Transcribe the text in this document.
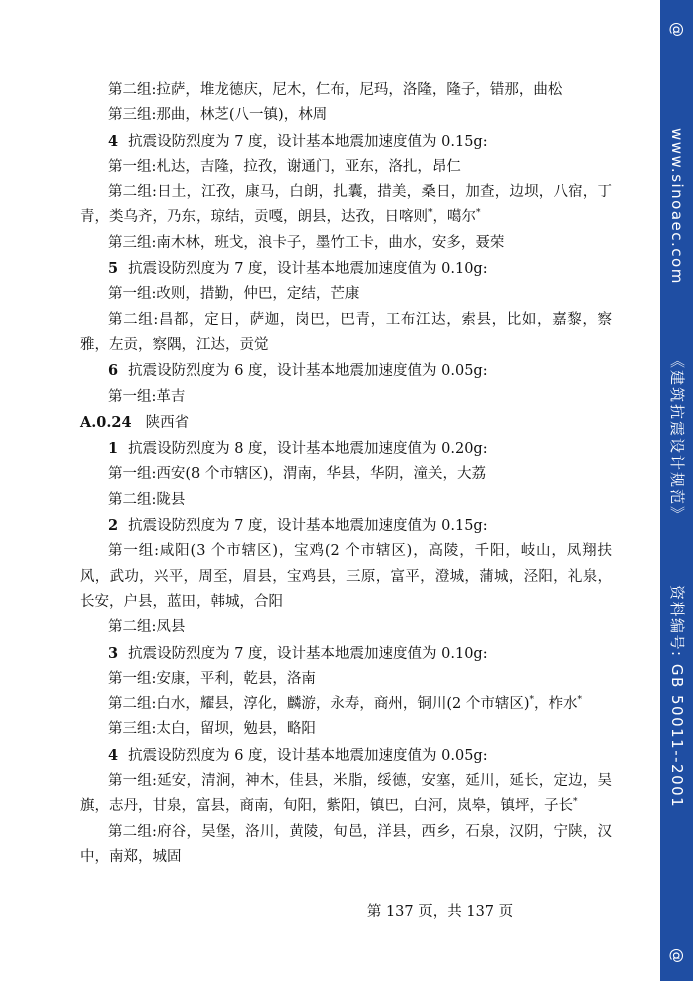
第二组:拉萨，堆龙德庆，尼木，仁布，尼玛，洛隆，隆子，错那，曲松

第三组:那曲，林芝(八一镇)，林周

4 抗震设防烈度为 7 度，设计基本地震加速度值为 0.15g:

第一组:札达，吉隆，拉孜，谢通门，亚东，洛扎，昂仁

第二组:日土，江孜，康马，白朗，扎囊，措美，桑日，加查，边坝，八宿，丁青，类乌齐，乃东，琼结，贡嘎，朗县，达孜，日喀则*，噶尔*

第三组:南木林，班戈，浪卡子，墨竹工卡，曲水，安多，聂荣

5 抗震设防烈度为 7 度，设计基本地震加速度值为 0.10g:

第一组:改则，措勤，仲巴，定结，芒康

第二组:昌都，定日，萨迦，岗巴，巴青，工布江达，索县，比如，嘉黎，察雅，左贡，察隅，江达，贡觉

6 抗震设防烈度为 6 度，设计基本地震加速度值为 0.05g:

第一组:革吉

A.0.24 陕西省

1 抗震设防烈度为 8 度，设计基本地震加速度值为 0.20g:

第一组:西安(8 个市辖区)，渭南，华县，华阴，潼关，大荔

第二组:陇县

2 抗震设防烈度为 7 度，设计基本地震加速度值为 0.15g:

第一组:咸阳(3 个市辖区)，宝鸡(2 个市辖区)，高陵，千阳，岐山，凤翔扶风，武功，兴平，周至，眉县，宝鸡县，三原，富平，澄城，蒲城，泾阳，礼泉，长安，户县，蓝田，韩城，合阳

第二组:凤县

3 抗震设防烈度为 7 度，设计基本地震加速度值为 0.10g:

第一组:安康，平利，乾县，洛南

第二组:白水，耀县，淳化，麟游，永寿，商州，铜川(2 个市辖区)*，柞水*

第三组:太白，留坝，勉县，略阳

4 抗震设防烈度为 6 度，设计基本地震加速度值为 0.05g:

第一组:延安，清涧，神木，佳县，米脂，绥德，安塞，延川，延长，定边，吴旗，志丹，甘泉，富县，商南，旬阳，紫阳，镇巴，白河，岚皋，镇坪，子长*

第二组:府谷，吴堡，洛川，黄陵，旬邑，洋县，西乡，石泉，汉阴，宁陕，汉中，南郑，城固

第 137 页，共 137 页
@
www.sinoaec.com
《建筑抗震设计规范》
资料编号: GB 50011--2001
@
